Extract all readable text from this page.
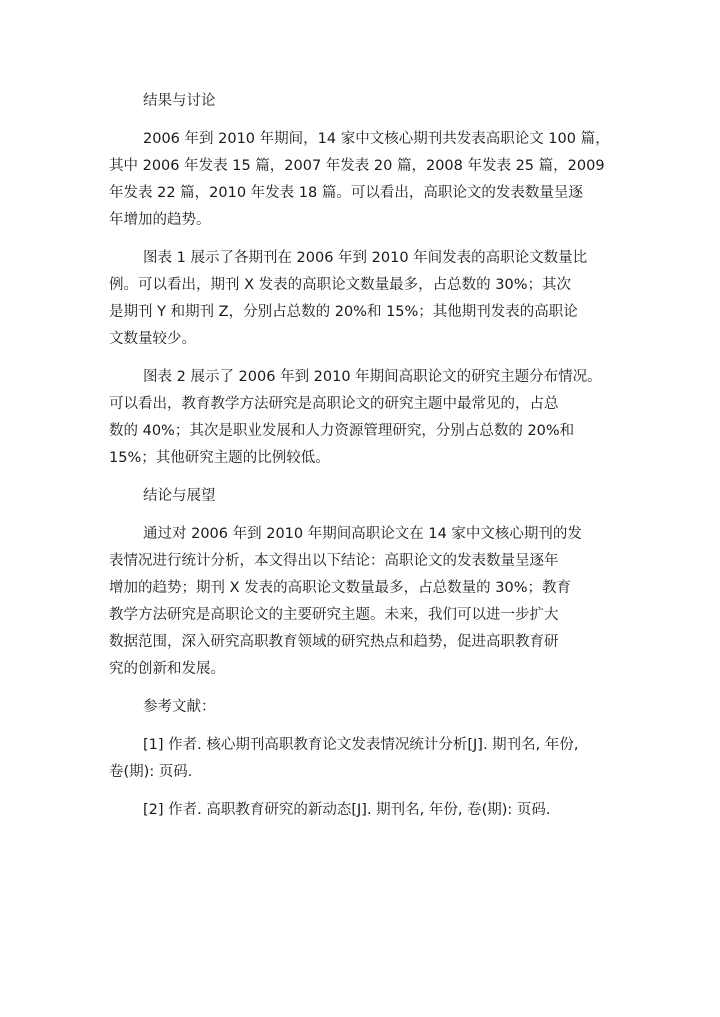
结果与讨论

2006 年到 2010 年期间，14 家中文核心期刊共发表高职论文 100 篇，
其中 2006 年发表 15 篇，2007 年发表 20 篇，2008 年发表 25 篇，2009
年发表 22 篇，2010 年发表 18 篇。可以看出，高职论文的发表数量呈逐
年增加的趋势。

图表 1 展示了各期刊在 2006 年到 2010 年间发表的高职论文数量比
例。可以看出，期刊 X 发表的高职论文数量最多，占总数的 30%；其次
是期刊 Y 和期刊 Z，分别占总数的 20%和 15%；其他期刊发表的高职论
文数量较少。

图表 2 展示了 2006 年到 2010 年期间高职论文的研究主题分布情况。
可以看出，教育教学方法研究是高职论文的研究主题中最常见的，占总
数的 40%；其次是职业发展和人力资源管理研究，分别占总数的 20%和
15%；其他研究主题的比例较低。

结论与展望

通过对 2006 年到 2010 年期间高职论文在 14 家中文核心期刊的发
表情况进行统计分析，本文得出以下结论：高职论文的发表数量呈逐年
增加的趋势；期刊 X 发表的高职论文数量最多，占总数量的 30%；教育
教学方法研究是高职论文的主要研究主题。未来，我们可以进一步扩大
数据范围，深入研究高职教育领域的研究热点和趋势，促进高职教育研
究的创新和发展。

参考文献：

[1] 作者. 核心期刊高职教育论文发表情况统计分析[J]. 期刊名, 年份,
卷(期): 页码.

[2] 作者. 高职教育研究的新动态[J]. 期刊名, 年份, 卷(期): 页码.
